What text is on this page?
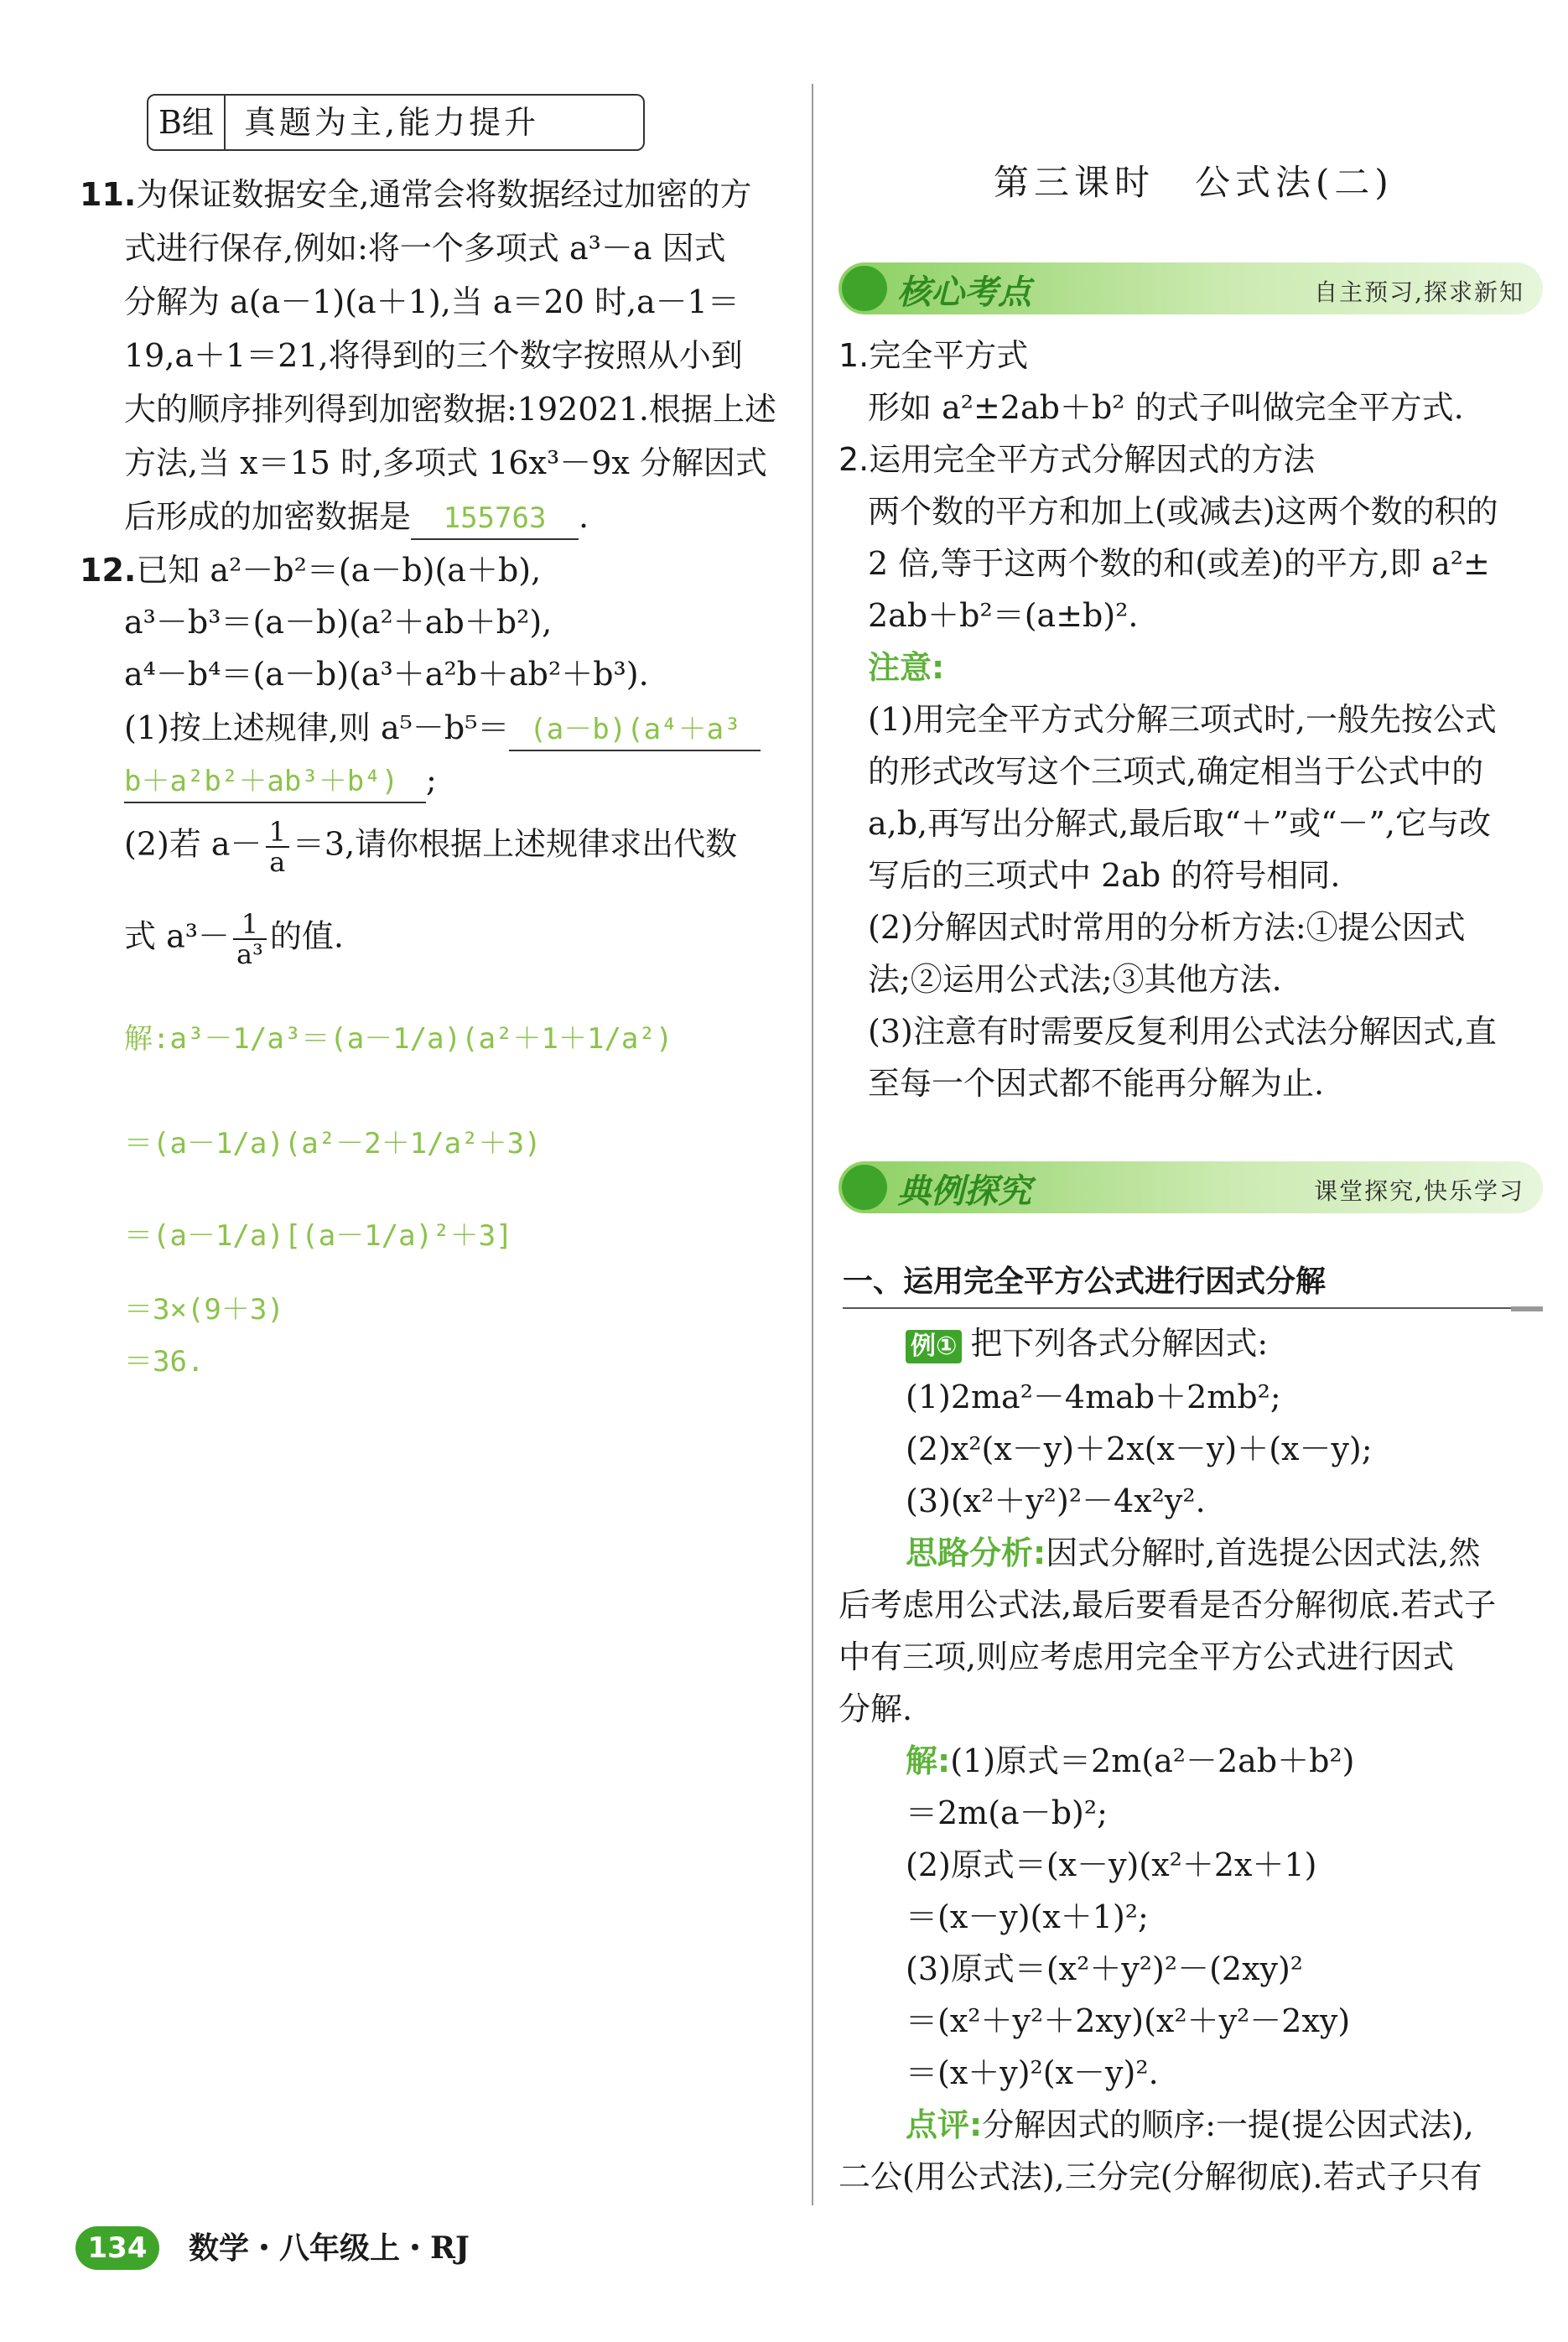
B组 真题为主,能力提升
11.为保证数据安全,通常会将数据经过加密的方
式进行保存,例如:将一个多项式 a³－a 因式
分解为 a(a－1)(a＋1),当 a＝20 时,a－1＝
19,a＋1＝21,将得到的三个数字按照从小到
大的顺序排列得到加密数据:192021.根据上述
方法,当 x＝15 时,多项式 16x³－9x 分解因式
后形成的加密数据是 155763 .
12.已知 a²－b²＝(a－b)(a＋b),
a³－b³＝(a－b)(a²＋ab＋b²),
a⁴－b⁴＝(a－b)(a³＋a²b＋ab²＋b³).
(1)按上述规律,则 a⁵－b⁵＝ (a－b)(a⁴＋a³
b＋a²b²＋ab³＋b⁴) ;
(2)若 $a- \frac{1}{a} =3$,请你根据上述规律求出代数
式 $a^3- \frac{1}{\text{a³}}$ 的值.
解:a³－1/a³＝(a－1/a)(a²＋1＋1/a²)
＝(a－1/a)(a²－2＋1/a²＋3)
＝(a－1/a)[(a－1/a)²＋3]
＝3×(9＋3)
＝36.
第三课时　公式法(二)
核心考点	自主预习,探求新知
1.完全平方式
形如 a²±2ab＋b² 的式子叫做完全平方式.
2.运用完全平方式分解因式的方法
两个数的平方和加上(或减去)这两个数的积的
2 倍,等于这两个数的和(或差)的平方,即 a²±
2ab＋b²＝(a±b)².
注意:
(1)用完全平方式分解三项式时,一般先按公式
的形式改写这个三项式,确定相当于公式中的
a,b,再写出分解式,最后取“＋”或“－”,它与改
写后的三项式中 2ab 的符号相同.
(2)分解因式时常用的分析方法:①提公因式
法;②运用公式法;③其他方法.
(3)注意有时需要反复利用公式法分解因式,直
至每一个因式都不能再分解为止.
典例探究	课堂探究,快乐学习
一、运用完全平方公式进行因式分解
例① 把下列各式分解因式:
(1)2ma²－4mab＋2mb²;
(2)x²(x－y)＋2x(x－y)＋(x－y);
(3)(x²＋y²)²－4x²y².
思路分析:因式分解时,首选提公因式法,然
后考虑用公式法,最后要看是否分解彻底.若式子
中有三项,则应考虑用完全平方公式进行因式
分解.
解:(1)原式＝2m(a²－2ab＋b²)
＝2m(a－b)²;
(2)原式＝(x－y)(x²＋2x＋1)
＝(x－y)(x＋1)²;
(3)原式＝(x²＋y²)²－(2xy)²
＝(x²＋y²＋2xy)(x²＋y²－2xy)
＝(x＋y)²(x－y)².
点评:分解因式的顺序:一提(提公因式法),
二公(用公式法),三分完(分解彻底).若式子只有
134	数学・八年级上・RJ
